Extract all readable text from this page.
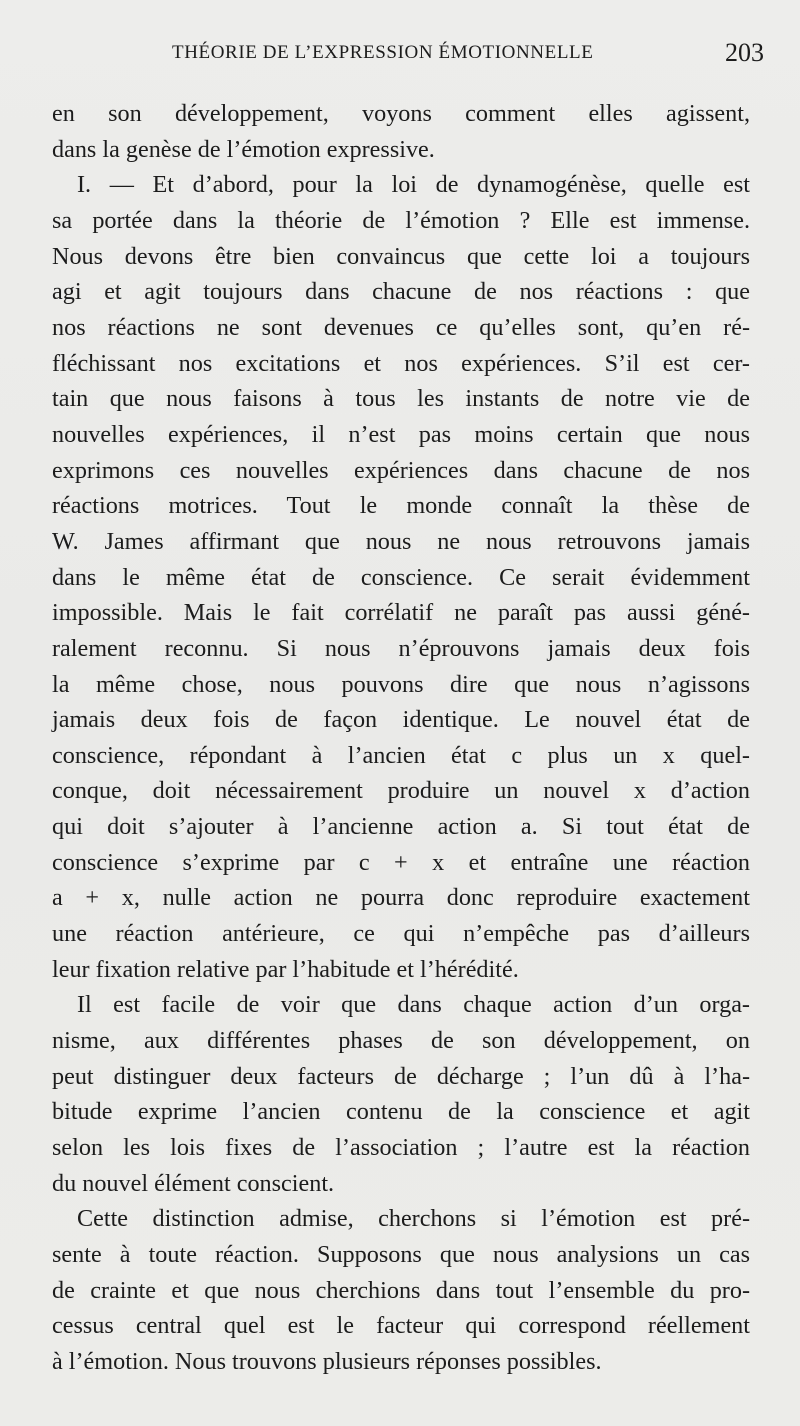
THÉORIE DE L’EXPRESSION ÉMOTIONNELLE	203

en son développement, voyons comment elles agissent,
dans la genèse de l’émotion expressive.

I. — Et d’abord, pour la loi de dynamogénèse, quelle est
sa portée dans la théorie de l’émotion ? Elle est immense.
Nous devons être bien convaincus que cette loi a toujours
agi et agit toujours dans chacune de nos réactions : que
nos réactions ne sont devenues ce qu’elles sont, qu’en ré-
fléchissant nos excitations et nos expériences. S’il est cer-
tain que nous faisons à tous les instants de notre vie de
nouvelles expériences, il n’est pas moins certain que nous
exprimons ces nouvelles expériences dans chacune de nos
réactions motrices. Tout le monde connaît la thèse de
W. James affirmant que nous ne nous retrouvons jamais
dans le même état de conscience. Ce serait évidemment
impossible. Mais le fait corrélatif ne paraît pas aussi géné-
ralement reconnu. Si nous n’éprouvons jamais deux fois
la même chose, nous pouvons dire que nous n’agissons
jamais deux fois de façon identique. Le nouvel état de
conscience, répondant à l’ancien état c plus un x quel-
conque, doit nécessairement produire un nouvel x d’action
qui doit s’ajouter à l’ancienne action a. Si tout état de
conscience s’exprime par c + x et entraîne une réaction
a + x, nulle action ne pourra donc reproduire exactement
une réaction antérieure, ce qui n’empêche pas d’ailleurs
leur fixation relative par l’habitude et l’hérédité.

Il est facile de voir que dans chaque action d’un orga-
nisme, aux différentes phases de son développement, on
peut distinguer deux facteurs de décharge ; l’un dû à l’ha-
bitude exprime l’ancien contenu de la conscience et agit
selon les lois fixes de l’association ; l’autre est la réaction
du nouvel élément conscient.

Cette distinction admise, cherchons si l’émotion est pré-
sente à toute réaction. Supposons que nous analysions un cas
de crainte et que nous cherchions dans tout l’ensemble du pro-
cessus central quel est le facteur qui correspond réellement
à l’émotion. Nous trouvons plusieurs réponses possibles.
